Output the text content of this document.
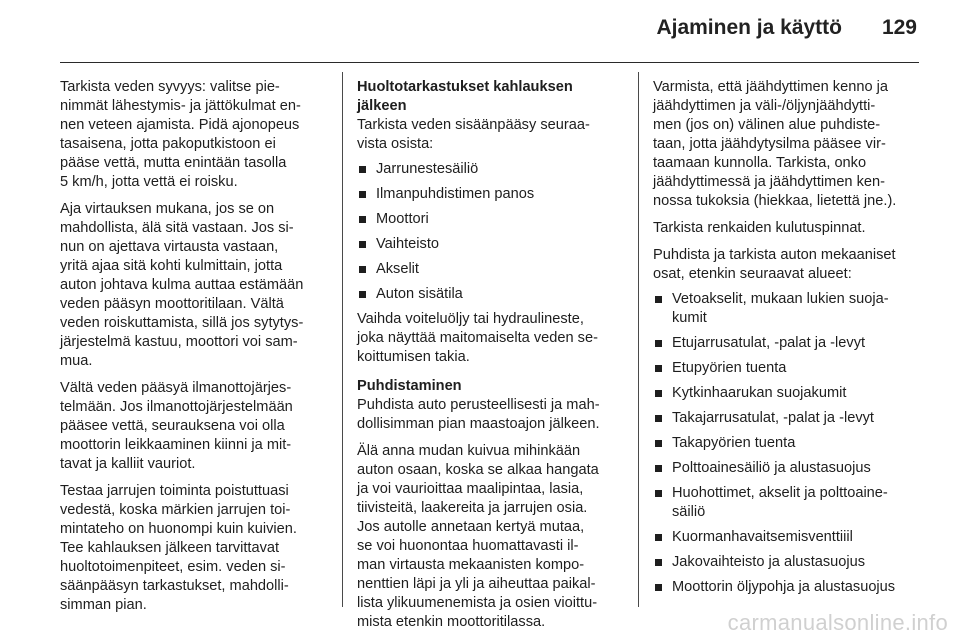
Ajaminen ja käyttö 129

Tarkista veden syvyys: valitse pie-
nimmät lähestymis- ja jättökulmat en-
nen veteen ajamista. Pidä ajonopeus
tasaisena, jotta pakoputkistoon ei
pääse vettä, mutta enintään tasolla
5 km/h, jotta vettä ei roisku.

Aja virtauksen mukana, jos se on
mahdollista, älä sitä vastaan. Jos si-
nun on ajettava virtausta vastaan,
yritä ajaa sitä kohti kulmittain, jotta
auton johtava kulma auttaa estämään
veden pääsyn moottoritilaan. Vältä
veden roiskuttamista, sillä jos sytytys-
järjestelmä kastuu, moottori voi sam-
mua.

Vältä veden pääsyä ilmanottojärjes-
telmään. Jos ilmanottojärjestelmään
pääsee vettä, seurauksena voi olla
moottorin leikkaaminen kiinni ja mit-
tavat ja kalliit vauriot.

Testaa jarrujen toiminta poistuttuasi
vedestä, koska märkien jarrujen toi-
mintateho on huonompi kuin kuivien.
Tee kahlauksen jälkeen tarvittavat
huoltotoimenpiteet, esim. veden si-
säänpääsyn tarkastukset, mahdolli-
simman pian.

Huoltotarkastukset kahlauksen
jälkeen

Tarkista veden sisäänpääsy seuraa-
vista osista:

Jarrunestesäiliö
Ilmanpuhdistimen panos
Moottori
Vaihteisto
Akselit
Auton sisätila

Vaihda voiteluöljy tai hydraulineste,
joka näyttää maitomaiselta veden se-
koittumisen takia.

Puhdistaminen

Puhdista auto perusteellisesti ja mah-
dollisimman pian maastoajon jälkeen.

Älä anna mudan kuivua mihinkään
auton osaan, koska se alkaa hangata
ja voi vaurioittaa maalipintaa, lasia,
tiivisteitä, laakereita ja jarrujen osia.
Jos autolle annetaan kertyä mutaa,
se voi huonontaa huomattavasti il-
man virtausta mekaanisten kompo-
nenttien läpi ja yli ja aiheuttaa paikal-
lista ylikuumenemista ja osien vioittu-
mista etenkin moottoritilassa.

Varmista, että jäähdyttimen kenno ja
jäähdyttimen ja väli-/öljynjäähdytti-
men (jos on) välinen alue puhdiste-
taan, jotta jäähdytysilma pääsee vir-
taamaan kunnolla. Tarkista, onko
jäähdyttimessä ja jäähdyttimen ken-
nossa tukoksia (hiekkaa, lietettä jne.).

Tarkista renkaiden kulutuspinnat.

Puhdista ja tarkista auton mekaaniset
osat, etenkin seuraavat alueet:

Vetoakselit, mukaan lukien suoja-
kumit
Etujarrusatulat, -palat ja -levyt
Etupyörien tuenta
Kytkinhaarukan suojakumit
Takajarrusatulat, -palat ja -levyt
Takapyörien tuenta
Polttoainesäiliö ja alustasuojus
Huohottimet, akselit ja polttoaine-
säiliö
Kuormanhavaitsemisventtiiil
Jakovaihteisto ja alustasuojus
Moottorin öljypohja ja alustasuojus
carmanualsonline.info
